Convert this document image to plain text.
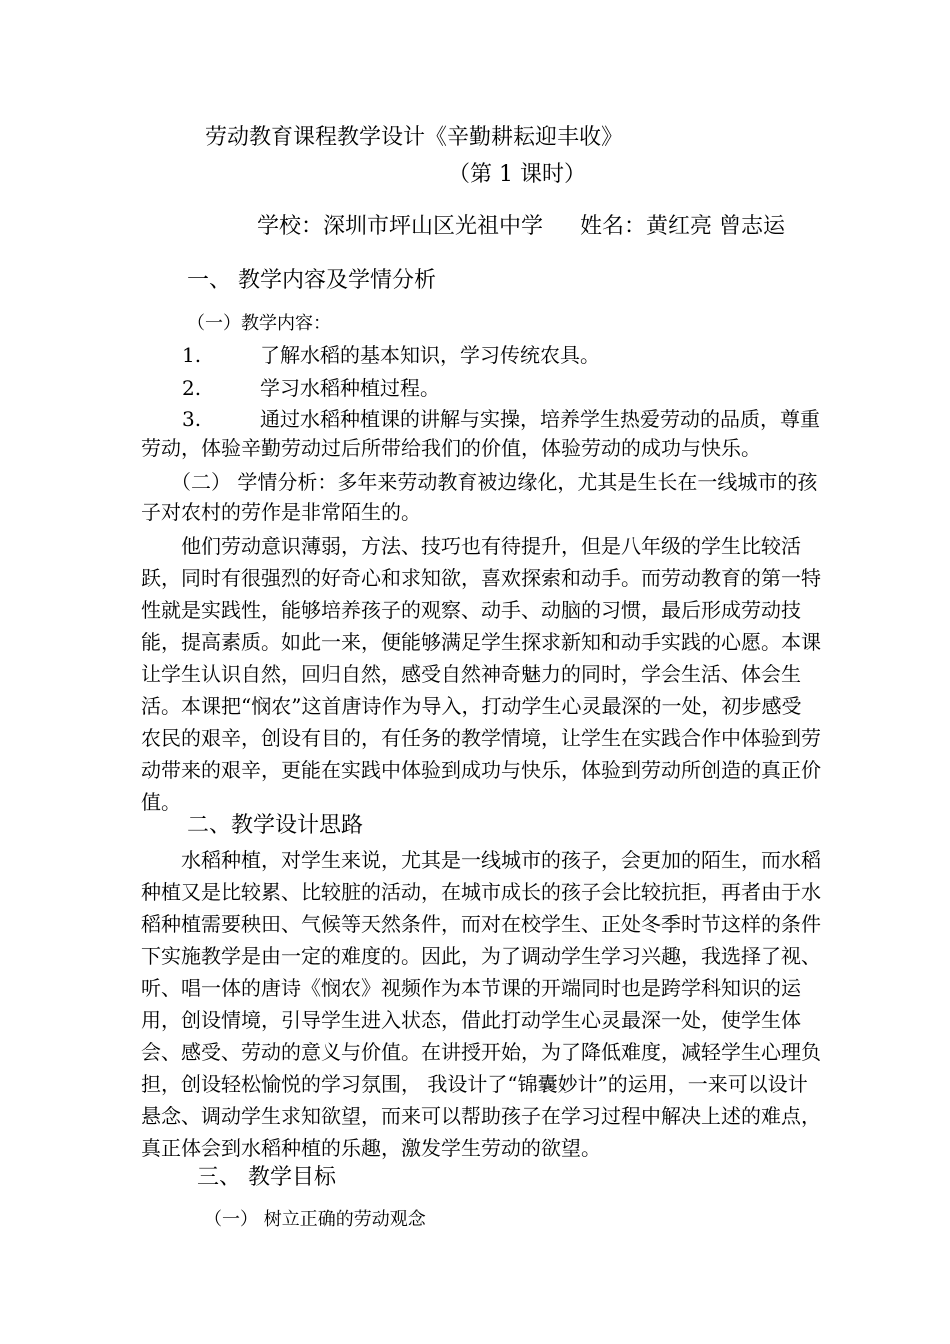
劳动教育课程教学设计《辛勤耕耘迎丰收》
（第 1 课时）
学校：深圳市坪山区光祖中学 姓名：黄红亮 曾志运
一、 教学内容及学情分析
（一）教学内容：
1.	了解水稻的基本知识，学习传统农具。
2.	学习水稻种植过程。
3.	通过水稻种植课的讲解与实操，培养学生热爱劳动的品质，尊重
劳动，体验辛勤劳动过后所带给我们的价值，体验劳动的成功与快乐。
（二） 学情分析：多年来劳动教育被边缘化，尤其是生长在一线城市的孩
子对农村的劳作是非常陌生的。
他们劳动意识薄弱，方法、技巧也有待提升，但是八年级的学生比较活
跃，同时有很强烈的好奇心和求知欲，喜欢探索和动手。而劳动教育的第一特
性就是实践性，能够培养孩子的观察、动手、动脑的习惯，最后形成劳动技
能，提高素质。如此一来，便能够满足学生探求新知和动手实践的心愿。本课
让学生认识自然，回归自然，感受自然神奇魅力的同时，学会生活、体会生
活。本课把“悯农”这首唐诗作为导入，打动学生心灵最深的一处，初步感受
农民的艰辛，创设有目的，有任务的教学情境，让学生在实践合作中体验到劳
动带来的艰辛，更能在实践中体验到成功与快乐，体验到劳动所创造的真正价
值。
二、教学设计思路
水稻种植，对学生来说，尤其是一线城市的孩子，会更加的陌生，而水稻
种植又是比较累、比较脏的活动，在城市成长的孩子会比较抗拒，再者由于水
稻种植需要秧田、气候等天然条件，而对在校学生、正处冬季时节这样的条件
下实施教学是由一定的难度的。因此，为了调动学生学习兴趣，我选择了视、
听、唱一体的唐诗《悯农》视频作为本节课的开端同时也是跨学科知识的运
用，创设情境，引导学生进入状态，借此打动学生心灵最深一处，使学生体
会、感受、劳动的意义与价值。在讲授开始，为了降低难度，减轻学生心理负
担，创设轻松愉悦的学习氛围， 我设计了“锦囊妙计”的运用，一来可以设计
悬念、调动学生求知欲望，而来可以帮助孩子在学习过程中解决上述的难点，
真正体会到水稻种植的乐趣，激发学生劳动的欲望。
三、 教学目标
（一） 树立正确的劳动观念
